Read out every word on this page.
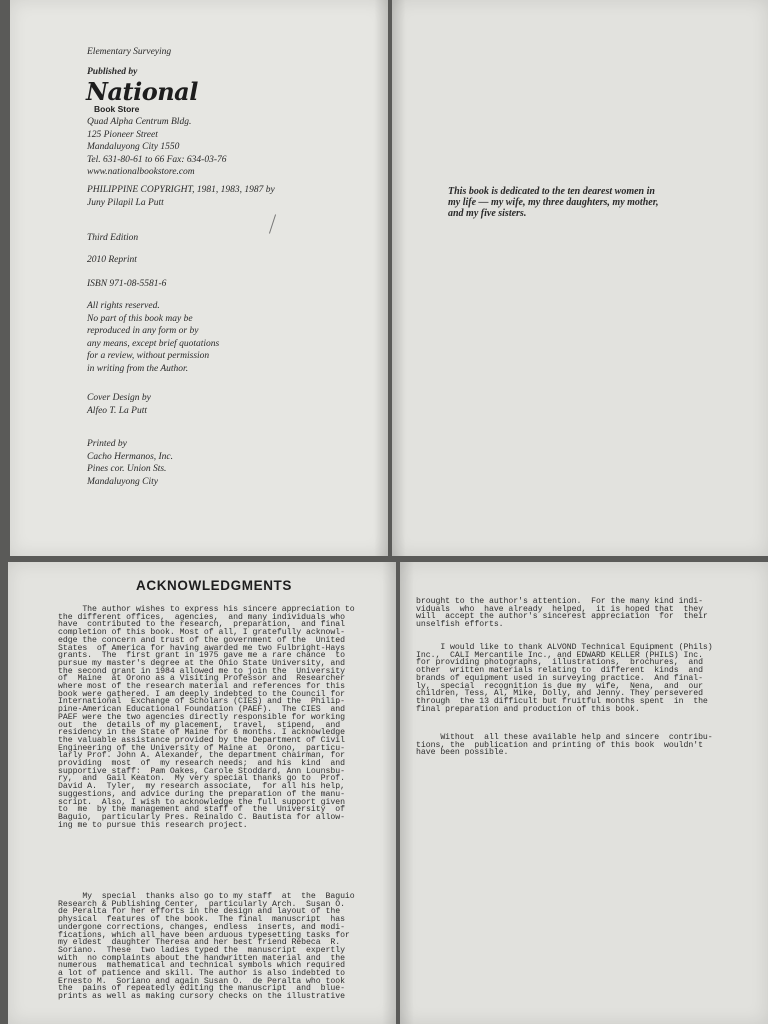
Elementary Surveying

Published by

National
Book Store
Quad Alpha Centrum Bldg.
125 Pioneer Street
Mandaluyong City 1550
Tel. 631-80-61 to 66 Fax: 634-03-76
www.nationalbookstore.com
PHILIPPINE COPYRIGHT, 1981, 1983, 1987 by
Juny Pilapil La Putt

Third Edition

2010 Reprint

ISBN 971-08-5581-6

All rights reserved.
No part of this book may be
reproduced in any form or by
any means, except brief quotations
for a review, without permission
in writing from the Author.
Cover Design by
Alfeo T. La Putt
Printed by
Cacho Hermanos, Inc.
Pines cor. Union Sts.
Mandaluyong City
This book is dedicated to the ten dearest women in
my life — my wife, my three daughters, my mother,
and my five sisters.
ACKNOWLEDGMENTS
The author wishes to express his sincere appreciation to
the different offices,  agencies,  and many individuals who
have  contributed to the research,  preparation,  and final
completion of this book. Most of all, I gratefully acknowl-
edge the concern and trust of the government of the  United
States  of America for having awarded me two Fulbright-Hays
grants.  The  first grant in 1975 gave me a rare chance  to
pursue my master's degree at the Ohio State University, and
the second grant in 1984 allowed me to join the  University
of  Maine  at Orono as a Visiting Professor and  Researcher
where most of the research material and references for this
book were gathered. I am deeply indebted to the Council for
International  Exchange of Scholars (CIES) and the  Philip-
pine-American Educational Foundation (PAEF).  The CIES  and
PAEF were the two agencies directly responsible for working
out  the  details of my placement,  travel,  stipend,  and
residency in the State of Maine for 6 months. I acknowledge
the valuable assistance provided by the Department of Civil
Engineering of the University of Maine at  Orono,  particu-
larly Prof. John A. Alexander, the department chairman, for
providing  most  of  my research needs;  and his  kind  and
supportive staff:  Pam Oakes, Carole Stoddard, Ann Lounsbu-
ry,  and  Gail Keaton.  My very special thanks go to  Prof.
David A.  Tyler,  my research associate,  for all his help,
suggestions, and advice during the preparation of the manu-
script.  Also, I wish to acknowledge the full support given
to  me  by the management and staff of  the  University  of
Baguio,  particularly Pres. Reinaldo C. Bautista for allow-
ing me to pursue this research project.
My  special  thanks also go to my staff  at  the  Baguio
Research & Publishing Center,  particularly Arch.  Susan O.
de Peralta for her efforts in the design and layout of the
physical  features of the book.  The final  manuscript  has
undergone corrections, changes, endless  inserts, and modi-
fications, which all have been arduous typesetting tasks for
my eldest  daughter Theresa and her best friend Rebeca  R.
Soriano.  These  two ladies typed the  manuscript  expertly
with  no complaints about the handwritten material and  the
numerous  mathematical and technical symbols which required
a lot of patience and skill. The author is also indebted to
Ernesto M.  Soriano and again Susan O.  de Peralta who took
the  pains of repeatedly editing the manuscript  and  blue-
prints as well as making cursory checks on the illustrative
brought to the author's attention.  For the many kind indi-
viduals  who  have already  helped,  it is hoped that  they
will  accept the author's sincerest appreciation  for  their
unselfish efforts.
I would like to thank ALVOND Technical Equipment (Phils)
Inc.,  CALI Mercantile Inc., and EDWARD KELLER (PHILS) Inc.
for providing photographs,  illustrations,  brochures,  and
other  written materials relating to  different  kinds  and
brands of equipment used in surveying practice.  And final-
ly,  special  recognition is due my  wife,  Nena,  and  our
children, Tess, Al, Mike, Dolly, and Jenny. They persevered
through  the 13 difficult but fruitful months spent  in  the
final preparation and production of this book.
Without  all these available help and sincere  contribu-
tions, the  publication and printing of this book  wouldn't
have been possible.
